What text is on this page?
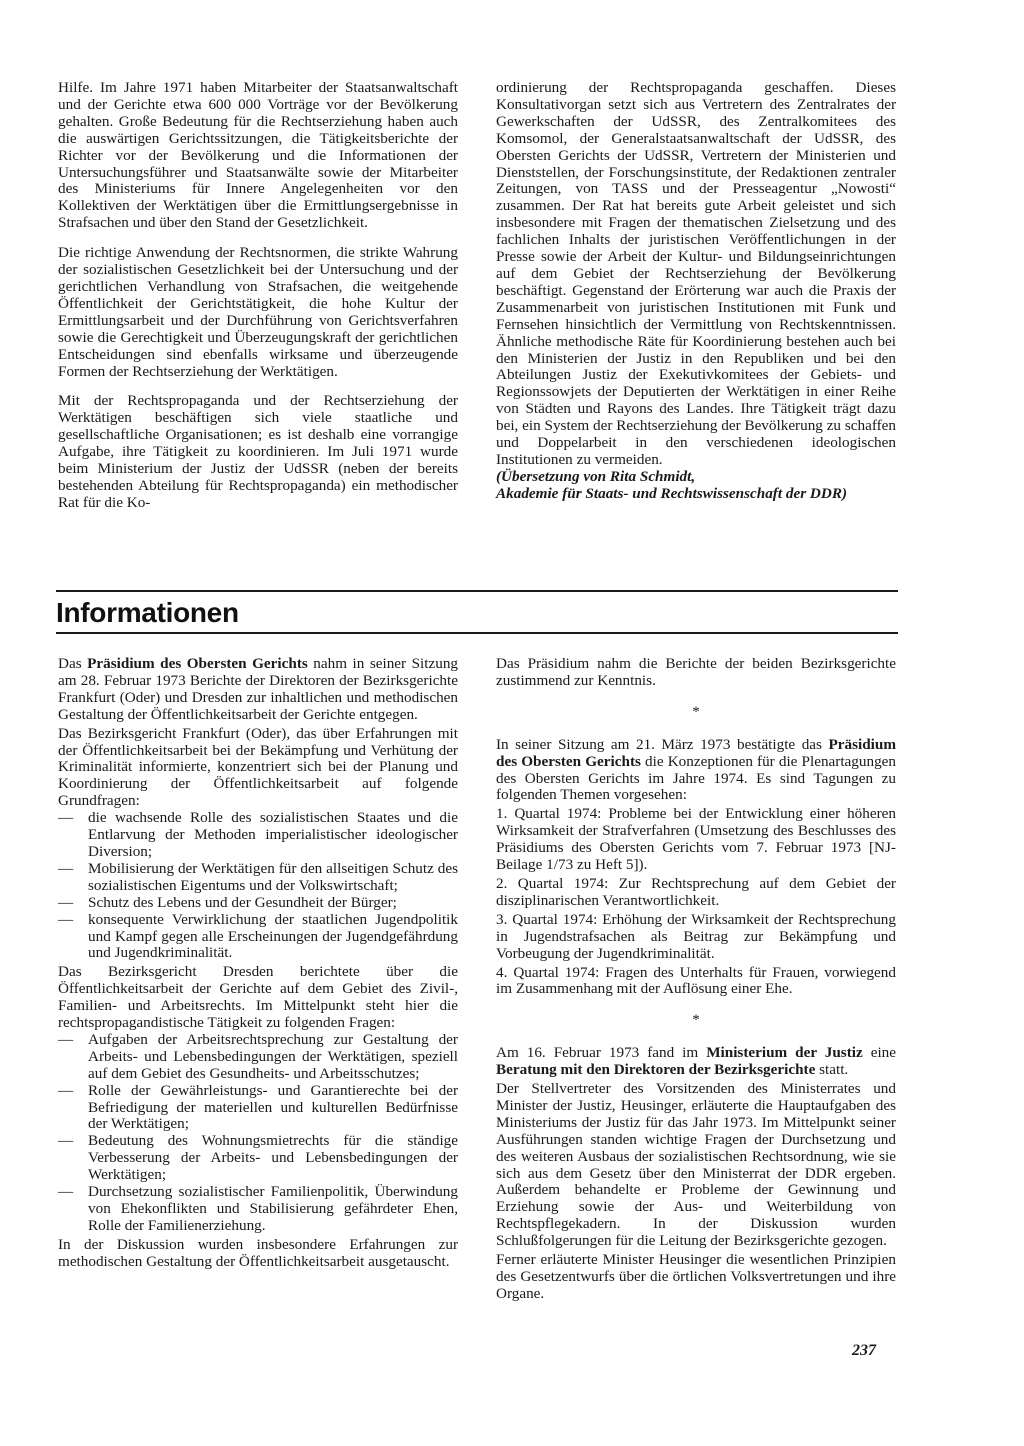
Hilfe. Im Jahre 1971 haben Mitarbeiter der Staatsanwaltschaft und der Gerichte etwa 600 000 Vorträge vor der Bevölkerung gehalten. Große Bedeutung für die Rechtserziehung haben auch die auswärtigen Gerichtssitzungen, die Tätigkeitsberichte der Richter vor der Bevölkerung und die Informationen der Untersuchungsführer und Staatsanwälte sowie der Mitarbeiter des Ministeriums für Innere Angelegenheiten vor den Kollektiven der Werktätigen über die Ermittlungsergebnisse in Strafsachen und über den Stand der Gesetzlichkeit.

Die richtige Anwendung der Rechtsnormen, die strikte Wahrung der sozialistischen Gesetzlichkeit bei der Untersuchung und der gerichtlichen Verhandlung von Strafsachen, die weitgehende Öffentlichkeit der Gerichtstätigkeit, die hohe Kultur der Ermittlungsarbeit und der Durchführung von Gerichtsverfahren sowie die Gerechtigkeit und Überzeugungskraft der gerichtlichen Entscheidungen sind ebenfalls wirksame und überzeugende Formen der Rechtserziehung der Werktätigen.

Mit der Rechtspropaganda und der Rechtserziehung der Werktätigen beschäftigen sich viele staatliche und gesellschaftliche Organisationen; es ist deshalb eine vorrangige Aufgabe, ihre Tätigkeit zu koordinieren. Im Juli 1971 wurde beim Ministerium der Justiz der UdSSR (neben der bereits bestehenden Abteilung für Rechtspropaganda) ein methodischer Rat für die Ko-

ordinierung der Rechtspropaganda geschaffen. Dieses Konsultativorgan setzt sich aus Vertretern des Zentralrates der Gewerkschaften der UdSSR, des Zentralkomitees des Komsomol, der Generalstaatsanwaltschaft der UdSSR, des Obersten Gerichts der UdSSR, Vertretern der Ministerien und Dienststellen, der Forschungsinstitute, der Redaktionen zentraler Zeitungen, von TASS und der Presseagentur „Nowosti“ zusammen. Der Rat hat bereits gute Arbeit geleistet und sich insbesondere mit Fragen der thematischen Zielsetzung und des fachlichen Inhalts der juristischen Veröffentlichungen in der Presse sowie der Arbeit der Kultur- und Bildungseinrichtungen auf dem Gebiet der Rechtserziehung der Bevölkerung beschäftigt. Gegenstand der Erörterung war auch die Praxis der Zusammenarbeit von juristischen Institutionen mit Funk und Fernsehen hinsichtlich der Vermittlung von Rechtskenntnissen. Ähnliche methodische Räte für Koordinierung bestehen auch bei den Ministerien der Justiz in den Republiken und bei den Abteilungen Justiz der Exekutivkomitees der Gebiets- und Regionssowjets der Deputierten der Werktätigen in einer Reihe von Städten und Rayons des Landes. Ihre Tätigkeit trägt dazu bei, ein System der Rechtserziehung der Bevölkerung zu schaffen und Doppelarbeit in den verschiedenen ideologischen Institutionen zu vermeiden.

(Übersetzung von Rita Schmidt,

Akademie für Staats- und Rechtswissenschaft der DDR)

Informationen

Das Präsidium des Obersten Gerichts nahm in seiner Sitzung am 28. Februar 1973 Berichte der Direktoren der Bezirksgerichte Frankfurt (Oder) und Dresden zur inhaltlichen und methodischen Gestaltung der Öffentlichkeitsarbeit der Gerichte entgegen.

Das Bezirksgericht Frankfurt (Oder), das über Erfahrungen mit der Öffentlichkeitsarbeit bei der Bekämpfung und Verhütung der Kriminalität informierte, konzentriert sich bei der Planung und Koordinierung der Öffentlichkeitsarbeit auf folgende Grundfragen:

— die wachsende Rolle des sozialistischen Staates und die Entlarvung der Methoden imperialistischer ideologischer Diversion;
— Mobilisierung der Werktätigen für den allseitigen Schutz des sozialistischen Eigentums und der Volkswirtschaft;
— Schutz des Lebens und der Gesundheit der Bürger;
— konsequente Verwirklichung der staatlichen Jugendpolitik und Kampf gegen alle Erscheinungen der Jugendgefährdung und Jugendkriminalität.

Das Bezirksgericht Dresden berichtete über die Öffentlichkeitsarbeit der Gerichte auf dem Gebiet des Zivil-, Familien- und Arbeitsrechts. Im Mittelpunkt steht hier die rechtspropagandistische Tätigkeit zu folgenden Fragen:

— Aufgaben der Arbeitsrechtsprechung zur Gestaltung der Arbeits- und Lebensbedingungen der Werktätigen, speziell auf dem Gebiet des Gesundheits- und Arbeitsschutzes;
— Rolle der Gewährleistungs- und Garantierechte bei der Befriedigung der materiellen und kulturellen Bedürfnisse der Werktätigen;
— Bedeutung des Wohnungsmietrechts für die ständige Verbesserung der Arbeits- und Lebensbedingungen der Werktätigen;
— Durchsetzung sozialistischer Familienpolitik, Überwindung von Ehekonflikten und Stabilisierung gefährdeter Ehen, Rolle der Familienerziehung.

In der Diskussion wurden insbesondere Erfahrungen zur methodischen Gestaltung der Öffentlichkeitsarbeit ausgetauscht.

Das Präsidium nahm die Berichte der beiden Bezirksgerichte zustimmend zur Kenntnis.

*

In seiner Sitzung am 21. März 1973 bestätigte das Präsidium des Obersten Gerichts die Konzeptionen für die Plenartagungen des Obersten Gerichts im Jahre 1974. Es sind Tagungen zu folgenden Themen vorgesehen:

1. Quartal 1974: Probleme bei der Entwicklung einer höheren Wirksamkeit der Strafverfahren (Umsetzung des Beschlusses des Präsidiums des Obersten Gerichts vom 7. Februar 1973 [NJ-Beilage 1/73 zu Heft 5]).

2. Quartal 1974: Zur Rechtsprechung auf dem Gebiet der disziplinarischen Verantwortlichkeit.

3. Quartal 1974: Erhöhung der Wirksamkeit der Rechtsprechung in Jugendstrafsachen als Beitrag zur Bekämpfung und Vorbeugung der Jugendkriminalität.

4. Quartal 1974: Fragen des Unterhalts für Frauen, vorwiegend im Zusammenhang mit der Auflösung einer Ehe.

*

Am 16. Februar 1973 fand im Ministerium der Justiz eine Beratung mit den Direktoren der Bezirksgerichte statt.

Der Stellvertreter des Vorsitzenden des Ministerrates und Minister der Justiz, Heusinger, erläuterte die Hauptaufgaben des Ministeriums der Justiz für das Jahr 1973. Im Mittelpunkt seiner Ausführungen standen wichtige Fragen der Durchsetzung und des weiteren Ausbaus der sozialistischen Rechtsordnung, wie sie sich aus dem Gesetz über den Ministerrat der DDR ergeben. Außerdem behandelte er Probleme der Gewinnung und Erziehung sowie der Aus- und Weiterbildung von Rechtspflegekadern. In der Diskussion wurden Schlußfolgerungen für die Leitung der Bezirksgerichte gezogen.

Ferner erläuterte Minister Heusinger die wesentlichen Prinzipien des Gesetzentwurfs über die örtlichen Volksvertretungen und ihre Organe.

237
